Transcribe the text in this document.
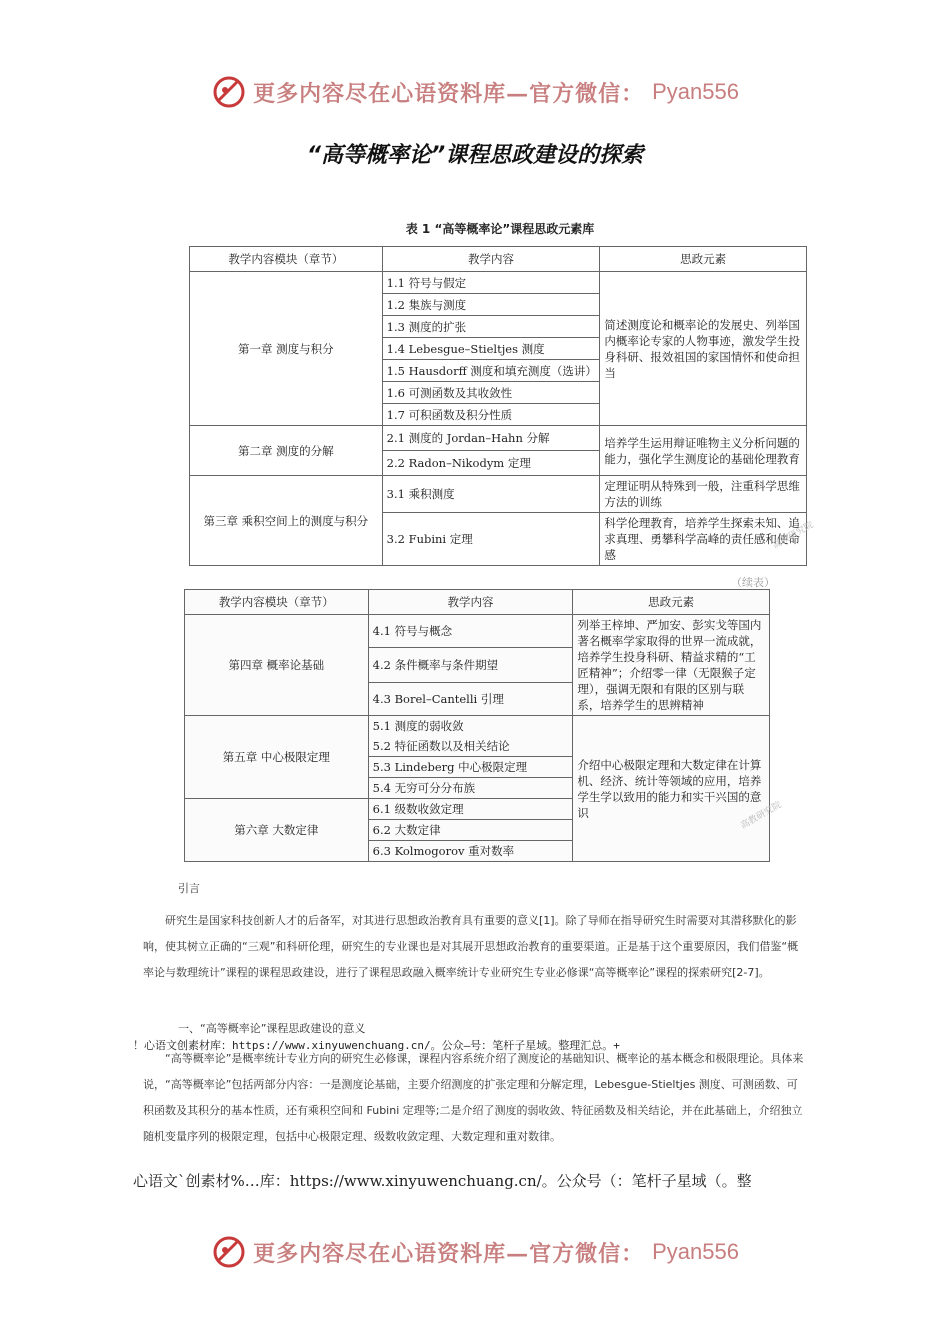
更多内容尽在心语资料库—官方微信： Pyan556
“高等概率论”课程思政建设的探索
表 1 “高等概率论”课程思政元素库
教学内容模块（章节）	教学内容	思政元素
第一章 测度与积分	1.1 符号与假定	简述测度论和概率论的发展史、列举国内概率论专家的人物事迹，激发学生投身科研、报效祖国的家国情怀和使命担当
	1.2 集族与测度	
	1.3 测度的扩张	
	1.4 Lebesgue–Stieltjes 测度	
	1.5 Hausdorff 测度和填充测度（选讲）	
	1.6 可测函数及其收敛性	
	1.7 可积函数及积分性质	
第二章 测度的分解	2.1 测度的 Jordan–Hahn 分解	培养学生运用辩证唯物主义分析问题的能力，强化学生测度论的基础伦理教育
	2.2 Radon–Nikodym 定理	
第三章 乘积空间上的测度与积分	3.1 乘积测度	定理证明从特殊到一般，注重科学思维方法的训练
	3.2 Fubini 定理	科学伦理教育，培养学生探索未知、追求真理、勇攀科学高峰的责任感和使命感
高教研究院
（续表）
教学内容模块（章节）	教学内容	思政元素
第四章 概率论基础	4.1 符号与概念	列举王梓坤、严加安、彭实戈等国内著名概率学家取得的世界一流成就，培养学生投身科研、精益求精的“工匠精神”；介绍零一律（无限猴子定理），强调无限和有限的区别与联系，培养学生的思辨精神
	4.2 条件概率与条件期望	
	4.3 Borel–Cantelli 引理	
第五章 中心极限定理	5.1 测度的弱收敛	介绍中心极限定理和大数定律在计算机、经济、统计等领域的应用，培养学生学以致用的能力和实干兴国的意识
	5.2 特征函数以及相关结论	
	5.3 Lindeberg 中心极限定理	
	5.4 无穷可分分布族	
第六章 大数定律	6.1 级数收敛定理	
	6.2 大数定律	
	6.3 Kolmogorov 重对数率	
高教研究院
引言

研究生是国家科技创新人才的后备军，对其进行思想政治教育具有重要的意义[1]。除了导师在指导研究生时需要对其潜移默化的影响，使其树立正确的“三观”和科研伦理，研究生的专业课也是对其展开思想政治教育的重要渠道。正是基于这个重要原因，我们借鉴“概率论与数理统计”课程的课程思政建设，进行了课程思政融入概率统计专业研究生专业必修课“高等概率论”课程的探索研究[2-7]。

一、“高等概率论”课程思政建设的意义
！心语文创素材库：https://www.xinyuwenchuang.cn/。公众—号：笔杆子星域。整理汇总。+

“高等概率论”是概率统计专业方向的研究生必修课，课程内容系统介绍了测度论的基础知识、概率论的基本概念和极限理论。具体来说，“高等概率论”包括两部分内容：一是测度论基础，主要介绍测度的扩张定理和分解定理，Lebesgue-Stieltjes 测度、可测函数、可积函数及其积分的基本性质，还有乘积空间和 Fubini 定理等;二是介绍了测度的弱收敛、特征函数及相关结论，并在此基础上，介绍独立随机变量序列的极限定理，包括中心极限定理、级数收敛定理、大数定理和重对数律。

心语文`创素材%…库：https://www.xinyuwenchuang.cn/。公众号（：笔杆子星域（。整
更多内容尽在心语资料库—官方微信： Pyan556
